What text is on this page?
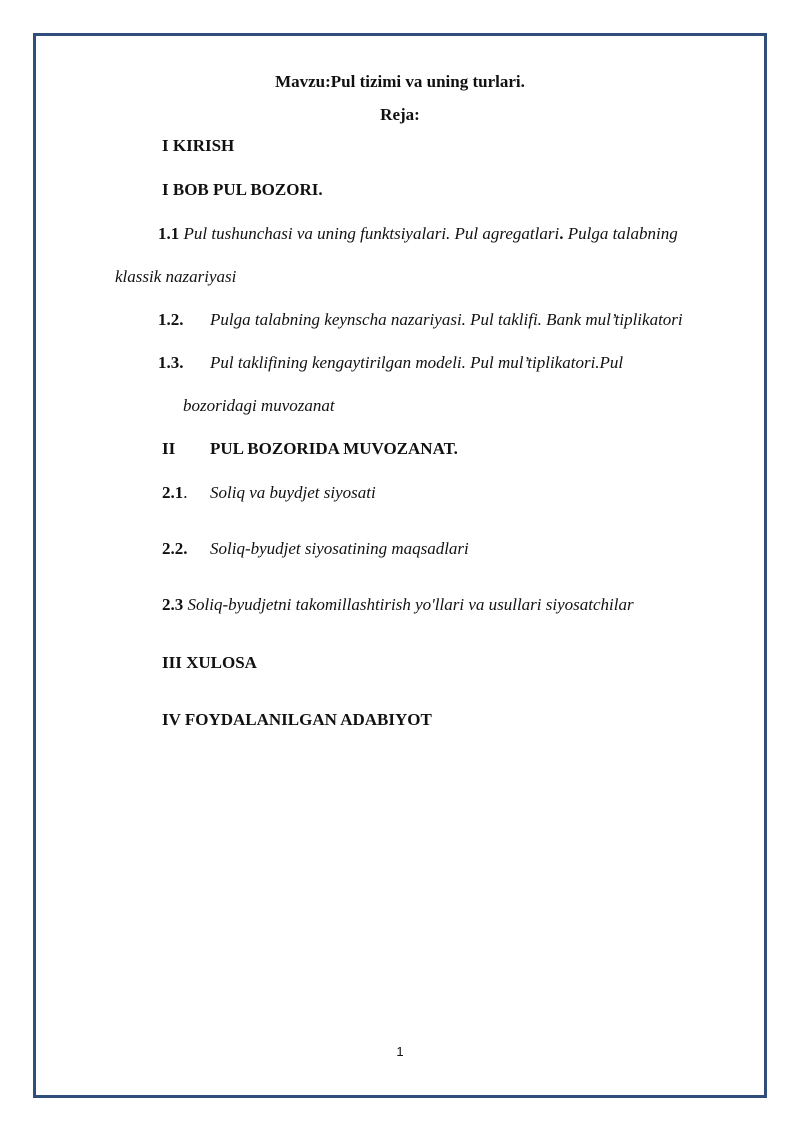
Mavzu:Pul tizimi va uning turlari.
Reja:
I KIRISH
I BOB PUL BOZORI.
1.1 Pul tushunchasi va uning funktsiyalari. Pul agregatlari. Pulga talabning
klassik nazariyasi
1.2. Pulga talabning keynscha nazariyasi. Pul taklifi. Bank mul’tiplikatori
1.3. Pul taklifining kengaytirilgan modeli. Pul mul’tiplikatori.Pul
bozoridagi muvozanat
II PUL BOZORIDA MUVOZANAT.
2.1. Soliq va buydjet siyosati
2.2. Soliq-byudjet siyosatining maqsadlari
2.3 Soliq-byudjetni takomillashtirish yo'llari va usullari siyosatchilar
III XULOSA
IV FOYDALANILGAN ADABIYOT
1
